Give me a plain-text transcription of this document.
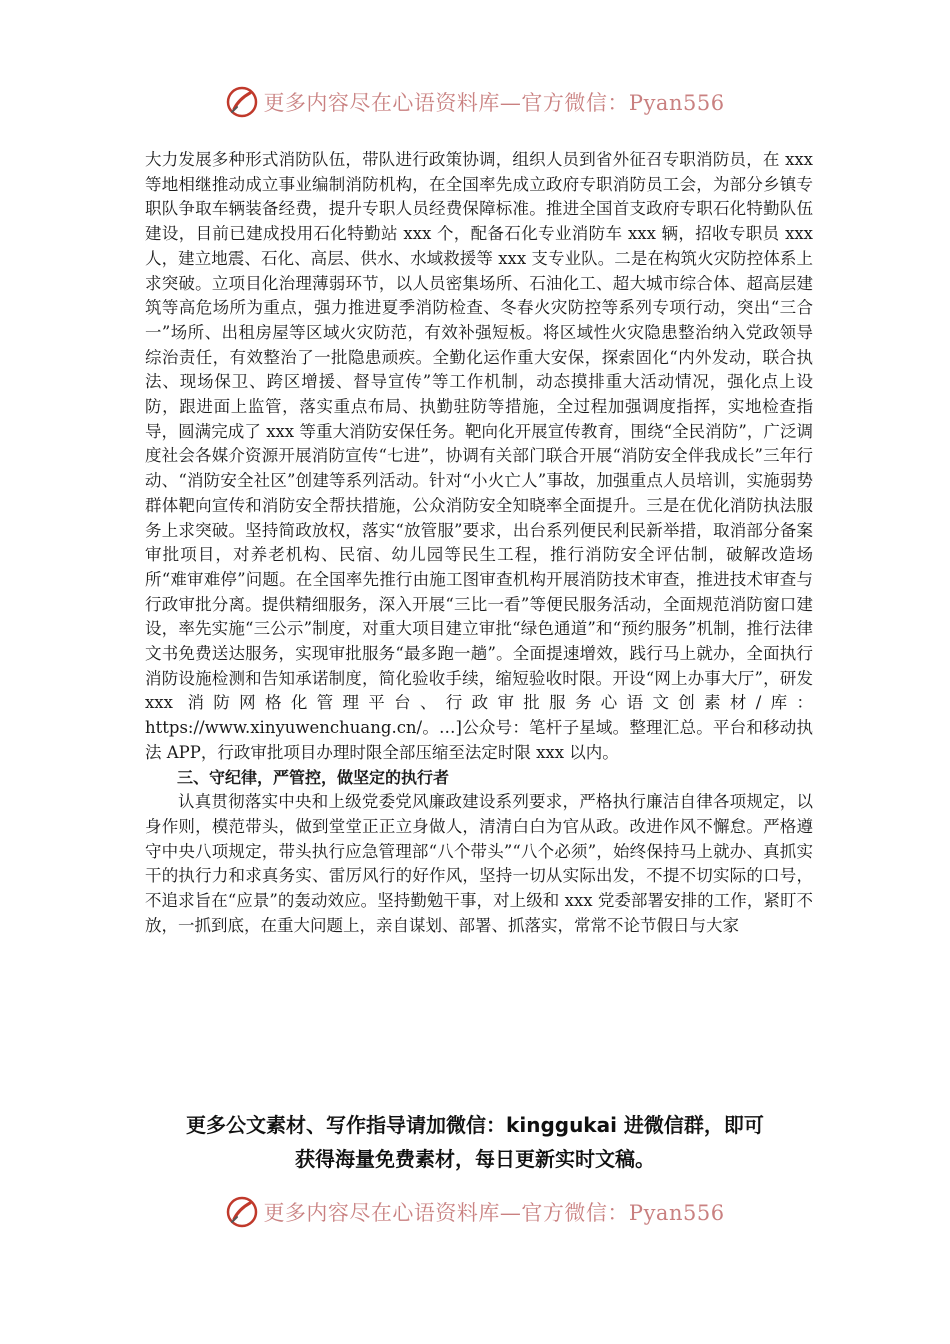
更多内容尽在心语资料库—官方微信：Pyan556

大力发展多种形式消防队伍，带队进行政策协调，组织人员到省外征召专职消防员，在 xxx 等地相继推动成立事业编制消防机构，在全国率先成立政府专职消防员工会，为部分乡镇专职队争取车辆装备经费，提升专职人员经费保障标准。推进全国首支政府专职石化特勤队伍建设，目前已建成投用石化特勤站 xxx 个，配备石化专业消防车 xxx 辆，招收专职员 xxx 人，建立地震、石化、高层、供水、水域救援等 xxx 支专业队。二是在构筑火灾防控体系上求突破。立项目化治理薄弱环节，以人员密集场所、石油化工、超大城市综合体、超高层建筑等高危场所为重点，强力推进夏季消防检查、冬春火灾防控等系列专项行动，突出“三合一”场所、出租房屋等区域火灾防范，有效补强短板。将区域性火灾隐患整治纳入党政领导综治责任，有效整治了一批隐患顽疾。全勤化运作重大安保，探索固化“内外发动，联合执法、现场保卫、跨区增援、督导宣传”等工作机制，动态摸排重大活动情况，强化点上设防，跟进面上监管，落实重点布局、执勤驻防等措施，全过程加强调度指挥，实地检查指导，圆满完成了 xxx 等重大消防安保任务。靶向化开展宣传教育，围绕“全民消防”，广泛调度社会各媒介资源开展消防宣传“七进”，协调有关部门联合开展“消防安全伴我成长”三年行动、“消防安全社区”创建等系列活动。针对“小火亡人”事故，加强重点人员培训，实施弱势群体靶向宣传和消防安全帮扶措施，公众消防安全知晓率全面提升。三是在优化消防执法服务上求突破。坚持简政放权，落实“放管服”要求，出台系列便民利民新举措，取消部分备案审批项目，对养老机构、民宿、幼儿园等民生工程，推行消防安全评估制，破解改造场所“难审难停”问题。在全国率先推行由施工图审查机构开展消防技术审查，推进技术审查与行政审批分离。提供精细服务，深入开展“三比一看”等便民服务活动，全面规范消防窗口建设，率先实施“三公示”制度，对重大项目建立审批“绿色通道”和“预约服务”机制，推行法律文书免费送达服务，实现审批服务“最多跑一趟”。全面提速增效，践行马上就办，全面执行消防设施检测和告知承诺制度，简化验收手续，缩短验收时限。开设“网上办事大厅”，研发 xxx 消防网格化管理平台、行政审批服务心语文创素材/库：https://www.xinyuwenchuang.cn/。…]公众号：笔杆子星域。整理汇总。平台和移动执法 APP，行政审批项目办理时限全部压缩至法定时限 xxx 以内。

三、守纪律，严管控，做坚定的执行者

认真贯彻落实中央和上级党委党风廉政建设系列要求，严格执行廉洁自律各项规定，以身作则，模范带头，做到堂堂正正立身做人，清清白白为官从政。改进作风不懈怠。严格遵守中央八项规定，带头执行应急管理部“八个带头”“八个必须”，始终保持马上就办、真抓实干的执行力和求真务实、雷厉风行的好作风，坚持一切从实际出发，不提不切实际的口号，不追求旨在“应景”的轰动效应。坚持勤勉干事，对上级和 xxx 党委部署安排的工作，紧盯不放，一抓到底，在重大问题上，亲自谋划、部署、抓落实，常常不论节假日与大家

更多公文素材、写作指导请加微信：kinggukai 进微信群，即可
获得海量免费素材，每日更新实时文稿。
更多内容尽在心语资料库—官方微信：Pyan556
